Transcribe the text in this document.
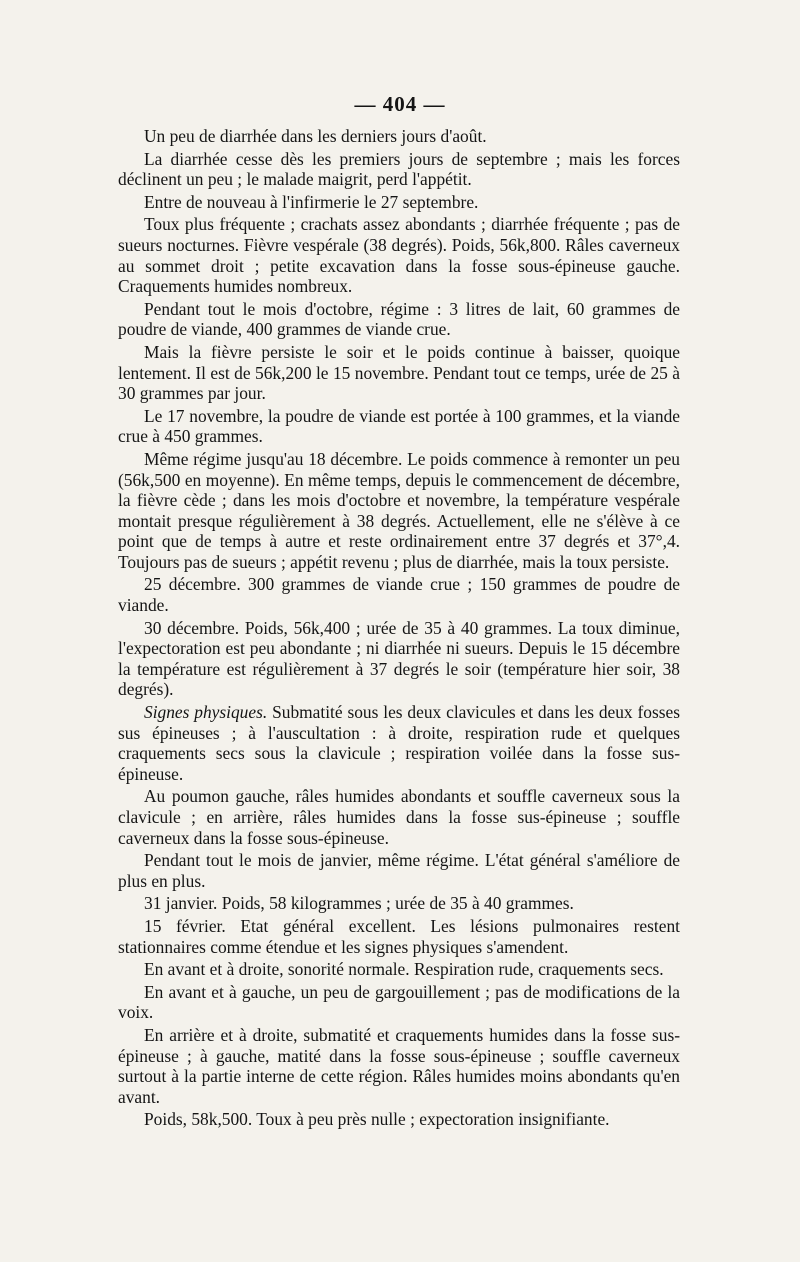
— 404 —

Un peu de diarrhée dans les derniers jours d'août.

La diarrhée cesse dès les premiers jours de septembre ; mais les forces déclinent un peu ; le malade maigrit, perd l'appétit.

Entre de nouveau à l'infirmerie le 27 septembre.

Toux plus fréquente ; crachats assez abondants ; diarrhée fréquente ; pas de sueurs nocturnes. Fièvre vespérale (38 degrés). Poids, 56k,800. Râles caverneux au sommet droit ; petite excavation dans la fosse sous-épineuse gauche. Craquements humides nombreux.

Pendant tout le mois d'octobre, régime : 3 litres de lait, 60 grammes de poudre de viande, 400 grammes de viande crue.

Mais la fièvre persiste le soir et le poids continue à baisser, quoique lentement. Il est de 56k,200 le 15 novembre. Pendant tout ce temps, urée de 25 à 30 grammes par jour.

Le 17 novembre, la poudre de viande est portée à 100 grammes, et la viande crue à 450 grammes.

Même régime jusqu'au 18 décembre. Le poids commence à remonter un peu (56k,500 en moyenne). En même temps, depuis le commencement de décembre, la fièvre cède ; dans les mois d'octobre et novembre, la température vespérale montait presque régulièrement à 38 degrés. Actuellement, elle ne s'élève à ce point que de temps à autre et reste ordinairement entre 37 degrés et 37°,4. Toujours pas de sueurs ; appétit revenu ; plus de diarrhée, mais la toux persiste.

25 décembre. 300 grammes de viande crue ; 150 grammes de poudre de viande.

30 décembre. Poids, 56k,400 ; urée de 35 à 40 grammes. La toux diminue, l'expectoration est peu abondante ; ni diarrhée ni sueurs. Depuis le 15 décembre la température est régulièrement à 37 degrés le soir (température hier soir, 38 degrés).

Signes physiques. Submatité sous les deux clavicules et dans les deux fosses sus épineuses ; à l'auscultation : à droite, respiration rude et quelques craquements secs sous la clavicule ; respiration voilée dans la fosse sus-épineuse.

Au poumon gauche, râles humides abondants et souffle caverneux sous la clavicule ; en arrière, râles humides dans la fosse sus-épineuse ; souffle caverneux dans la fosse sous-épineuse.

Pendant tout le mois de janvier, même régime. L'état général s'améliore de plus en plus.

31 janvier. Poids, 58 kilogrammes ; urée de 35 à 40 grammes.

15 février. Etat général excellent. Les lésions pulmonaires restent stationnaires comme étendue et les signes physiques s'amendent.

En avant et à droite, sonorité normale. Respiration rude, craquements secs.

En avant et à gauche, un peu de gargouillement ; pas de modifications de la voix.

En arrière et à droite, submatité et craquements humides dans la fosse sus-épineuse ; à gauche, matité dans la fosse sous-épineuse ; souffle caverneux surtout à la partie interne de cette région. Râles humides moins abondants qu'en avant.

Poids, 58k,500. Toux à peu près nulle ; expectoration insignifiante.
